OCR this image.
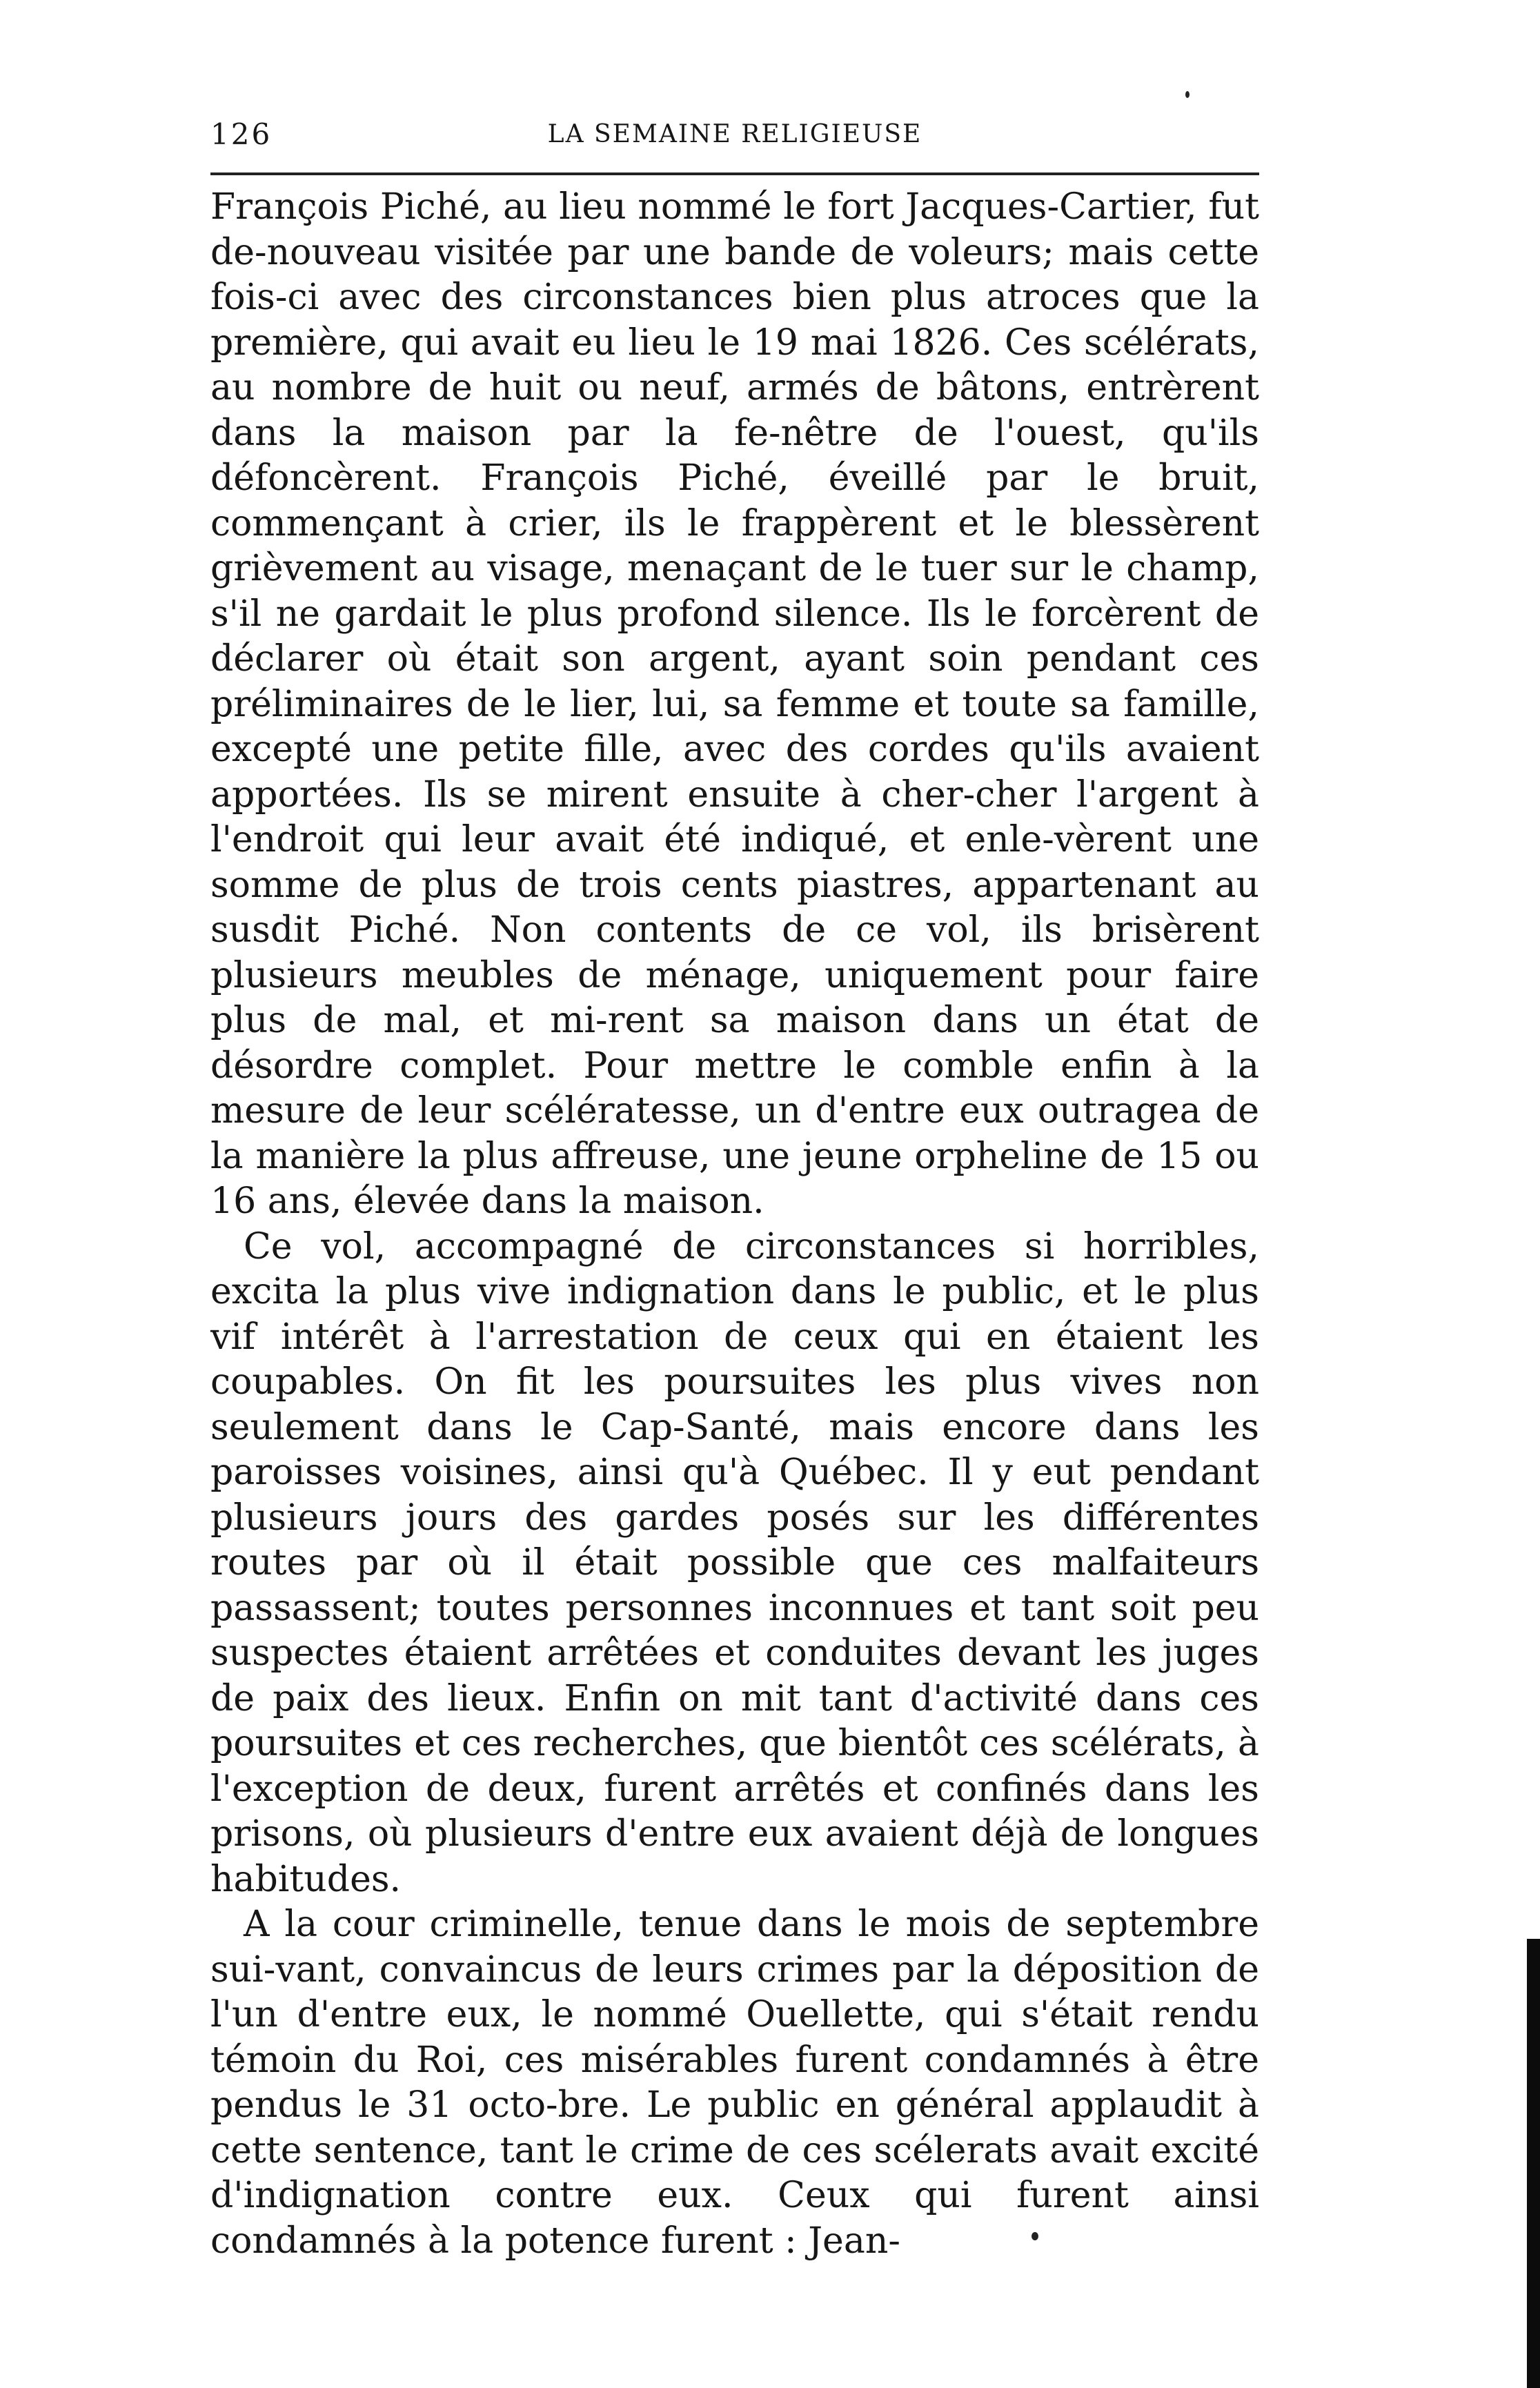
126	LA SEMAINE RELIGIEUSE

François Piché, au lieu nommé le fort Jacques-Cartier, fut de-nouveau visitée par une bande de voleurs; mais cette fois-ci avec des circonstances bien plus atroces que la première, qui avait eu lieu le 19 mai 1826. Ces scélérats, au nombre de huit ou neuf, armés de bâtons, entrèrent dans la maison par la fe-nêtre de l'ouest, qu'ils défoncèrent. François Piché, éveillé par le bruit, commençant à crier, ils le frappèrent et le blessèrent grièvement au visage, menaçant de le tuer sur le champ, s'il ne gardait le plus profond silence. Ils le forcèrent de déclarer où était son argent, ayant soin pendant ces préliminaires de le lier, lui, sa femme et toute sa famille, excepté une petite fille, avec des cordes qu'ils avaient apportées. Ils se mirent ensuite à cher-cher l'argent à l'endroit qui leur avait été indiqué, et enle-vèrent une somme de plus de trois cents piastres, appartenant au susdit Piché. Non contents de ce vol, ils brisèrent plusieurs meubles de ménage, uniquement pour faire plus de mal, et mi-rent sa maison dans un état de désordre complet. Pour mettre le comble enfin à la mesure de leur scélératesse, un d'entre eux outragea de la manière la plus affreuse, une jeune orpheline de 15 ou 16 ans, élevée dans la maison.

Ce vol, accompagné de circonstances si horribles, excita la plus vive indignation dans le public, et le plus vif intérêt à l'arrestation de ceux qui en étaient les coupables. On fit les poursuites les plus vives non seulement dans le Cap-Santé, mais encore dans les paroisses voisines, ainsi qu'à Québec. Il y eut pendant plusieurs jours des gardes posés sur les différentes routes par où il était possible que ces malfaiteurs passassent; toutes personnes inconnues et tant soit peu suspectes étaient arrêtées et conduites devant les juges de paix des lieux. Enfin on mit tant d'activité dans ces poursuites et ces recherches, que bientôt ces scélérats, à l'exception de deux, furent arrêtés et confinés dans les prisons, où plusieurs d'entre eux avaient déjà de longues habitudes.

A la cour criminelle, tenue dans le mois de septembre sui-vant, convaincus de leurs crimes par la déposition de l'un d'entre eux, le nommé Ouellette, qui s'était rendu témoin du Roi, ces misérables furent condamnés à être pendus le 31 octo-bre. Le public en général applaudit à cette sentence, tant le crime de ces scélerats avait excité d'indignation contre eux. Ceux qui furent ainsi condamnés à la potence furent : Jean-
